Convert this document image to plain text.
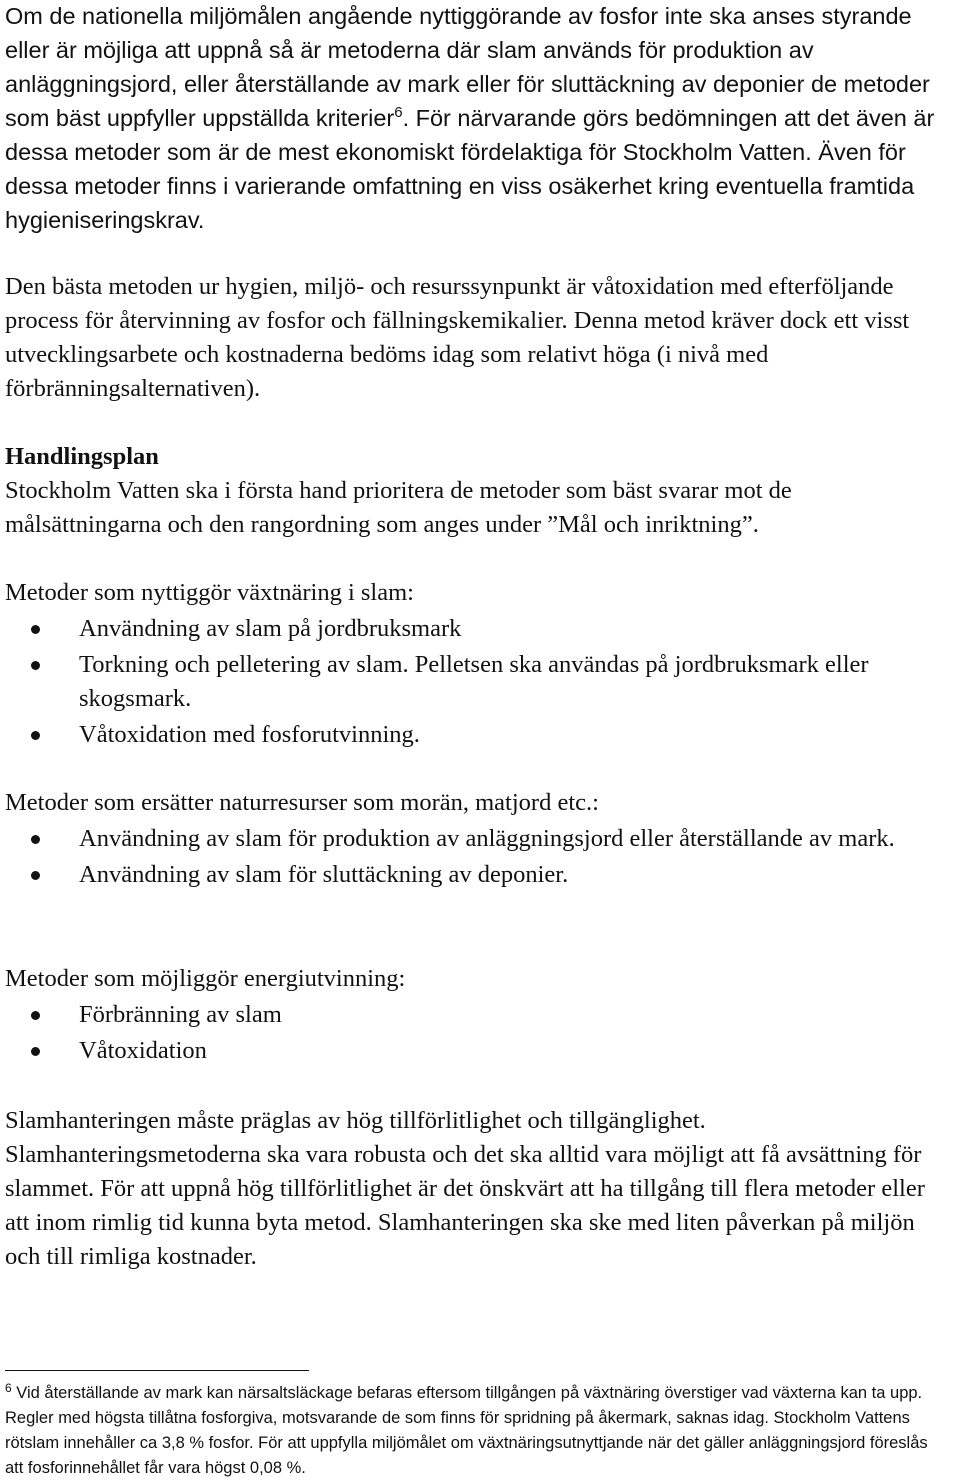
Om de nationella miljömålen angående nyttiggörande av fosfor inte ska anses styrande eller är möjliga att uppnå så är metoderna där slam används för produktion av anläggningsjord, eller återställande av mark eller för sluttäckning av deponier de metoder som bäst uppfyller uppställda kriterier$^6$. För närvarande görs bedömningen att det även är dessa metoder som är de mest ekonomiskt fördelaktiga för Stockholm Vatten. Även för dessa metoder finns i varierande omfattning en viss osäkerhet kring eventuella framtida hygieniseringskrav.

Den bästa metoden ur hygien, miljö- och resurssynpunkt är våtoxidation med efterföljande process för återvinning av fosfor och fällningskemikalier. Denna metod kräver dock ett visst utvecklingsarbete och kostnaderna bedöms idag som relativt höga (i nivå med förbränningsalternativen).

Handlingsplan

Stockholm Vatten ska i första hand prioritera de metoder som bäst svarar mot de målsättningarna och den rangordning som anges under ”Mål och inriktning”.

Metoder som nyttiggör växtnäring i slam:

Användning av slam på jordbruksmark
Torkning och pelletering av slam. Pelletsen ska användas på jordbruksmark eller skogsmark.
Våtoxidation med fosforutvinning.

Metoder som ersätter naturresurser som morän, matjord etc.:

Användning av slam för produktion av anläggningsjord eller återställande av mark.
Användning av slam för sluttäckning av deponier.

Metoder som möjliggör energiutvinning:

Förbränning av slam
Våtoxidation

Slamhanteringen måste präglas av hög tillförlitlighet och tillgänglighet. Slamhanteringsmetoderna ska vara robusta och det ska alltid vara möjligt att få avsättning för slammet. För att uppnå hög tillförlitlighet är det önskvärt att ha tillgång till flera metoder eller att inom rimlig tid kunna byta metod. Slamhanteringen ska ske med liten påverkan på miljön och till rimliga kostnader.

$^6$ Vid återställande av mark kan närsaltsläckage befaras eftersom tillgången på växtnäring överstiger vad växterna kan ta upp. Regler med högsta tillåtna fosforgiva, motsvarande de som finns för spridning på åkermark, saknas idag. Stockholm Vattens rötslam innehåller ca 3,8 % fosfor. För att uppfylla miljömålet om växtnäringsutnyttjande när det gäller anläggningsjord föreslås att fosforinnehållet får vara högst 0,08 %.
